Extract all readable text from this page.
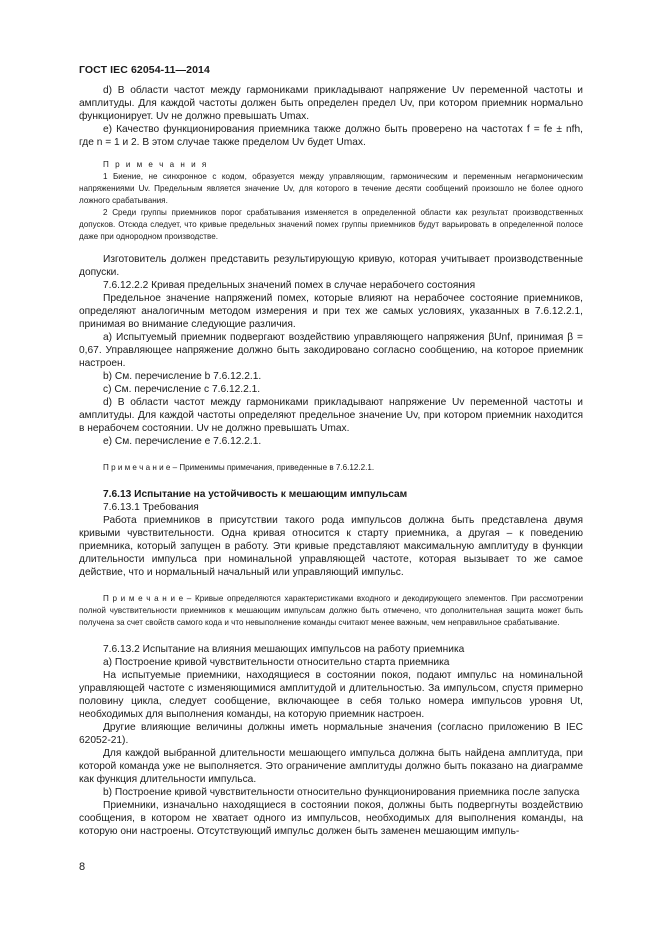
ГОСТ IEC 62054-11—2014

d) В области частот между гармониками прикладывают напряжение Uv переменной частоты и амплитуды. Для каждой частоты должен быть определен предел Uv, при котором приемник нормально функционирует. Uv не должно превышать Umax.

e) Качество функционирования приемника также должно быть проверено на частотах f = fe ± nfh, где n = 1 и 2. В этом случае также пределом Uv будет Umax.

П р и м е ч а н и я

1 Биение, не синхронное с кодом, образуется между управляющим, гармоническим и переменным негармоническим напряжениями Uv. Предельным является значение Uv, для которого в течение десяти сообщений произошло не более одного ложного срабатывания.

2 Среди группы приемников порог срабатывания изменяется в определенной области как результат производственных допусков. Отсюда следует, что кривые предельных значений помех группы приемников будут варьировать в определенной полосе даже при однородном производстве.

Изготовитель должен представить результирующую кривую, которая учитывает производственные допуски.

7.6.12.2.2 Кривая предельных значений помех в случае нерабочего состояния

Предельное значение напряжений помех, которые влияют на нерабочее состояние приемников, определяют аналогичным методом измерения и при тех же самых условиях, указанных в 7.6.12.2.1, принимая во внимание следующие различия.

a) Испытуемый приемник подвергают воздействию управляющего напряжения βUnf, принимая β = 0,67. Управляющее напряжение должно быть закодировано согласно сообщению, на которое приемник настроен.

b) См. перечисление b 7.6.12.2.1.

c) См. перечисление c 7.6.12.2.1.

d) В области частот между гармониками прикладывают напряжение Uv переменной частоты и амплитуды. Для каждой частоты определяют предельное значение Uv, при котором приемник находится в нерабочем состоянии. Uv не должно превышать Umax.

e) См. перечисление e 7.6.12.2.1.

П р и м е ч а н и е – Применимы примечания, приведенные в 7.6.12.2.1.

7.6.13 Испытание на устойчивость к мешающим импульсам

7.6.13.1 Требования

Работа приемников в присутствии такого рода импульсов должна быть представлена двумя кривыми чувствительности. Одна кривая относится к старту приемника, а другая – к поведению приемника, который запущен в работу. Эти кривые представляют максимальную амплитуду в функции длительности импульса при номинальной управляющей частоте, которая вызывает то же самое действие, что и нормальный начальный или управляющий импульс.

П р и м е ч а н и е – Кривые определяются характеристиками входного и декодирующего элементов. При рассмотрении полной чувствительности приемников к мешающим импульсам должно быть отмечено, что дополнительная защита может быть получена за счет свойств самого кода и что невыполнение команды считают менее важным, чем неправильное срабатывание.

7.6.13.2 Испытание на влияния мешающих импульсов на работу приемника

a) Построение кривой чувствительности относительно старта приемника

На испытуемые приемники, находящиеся в состоянии покоя, подают импульс на номинальной управляющей частоте с изменяющимися амплитудой и длительностью. За импульсом, спустя примерно половину цикла, следует сообщение, включающее в себя только номера импульсов уровня Ut, необходимых для выполнения команды, на которую приемник настроен.

Другие влияющие величины должны иметь нормальные значения (согласно приложению B IEC 62052-21).

Для каждой выбранной длительности мешающего импульса должна быть найдена амплитуда, при которой команда уже не выполняется. Это ограничение амплитуды должно быть показано на диаграмме как функция длительности импульса.

b) Построение кривой чувствительности относительно функционирования приемника после запуска

Приемники, изначально находящиеся в состоянии покоя, должны быть подвергнуты воздействию сообщения, в котором не хватает одного из импульсов, необходимых для выполнения команды, на которую они настроены. Отсутствующий импульс должен быть заменен мешающим импуль-

8
